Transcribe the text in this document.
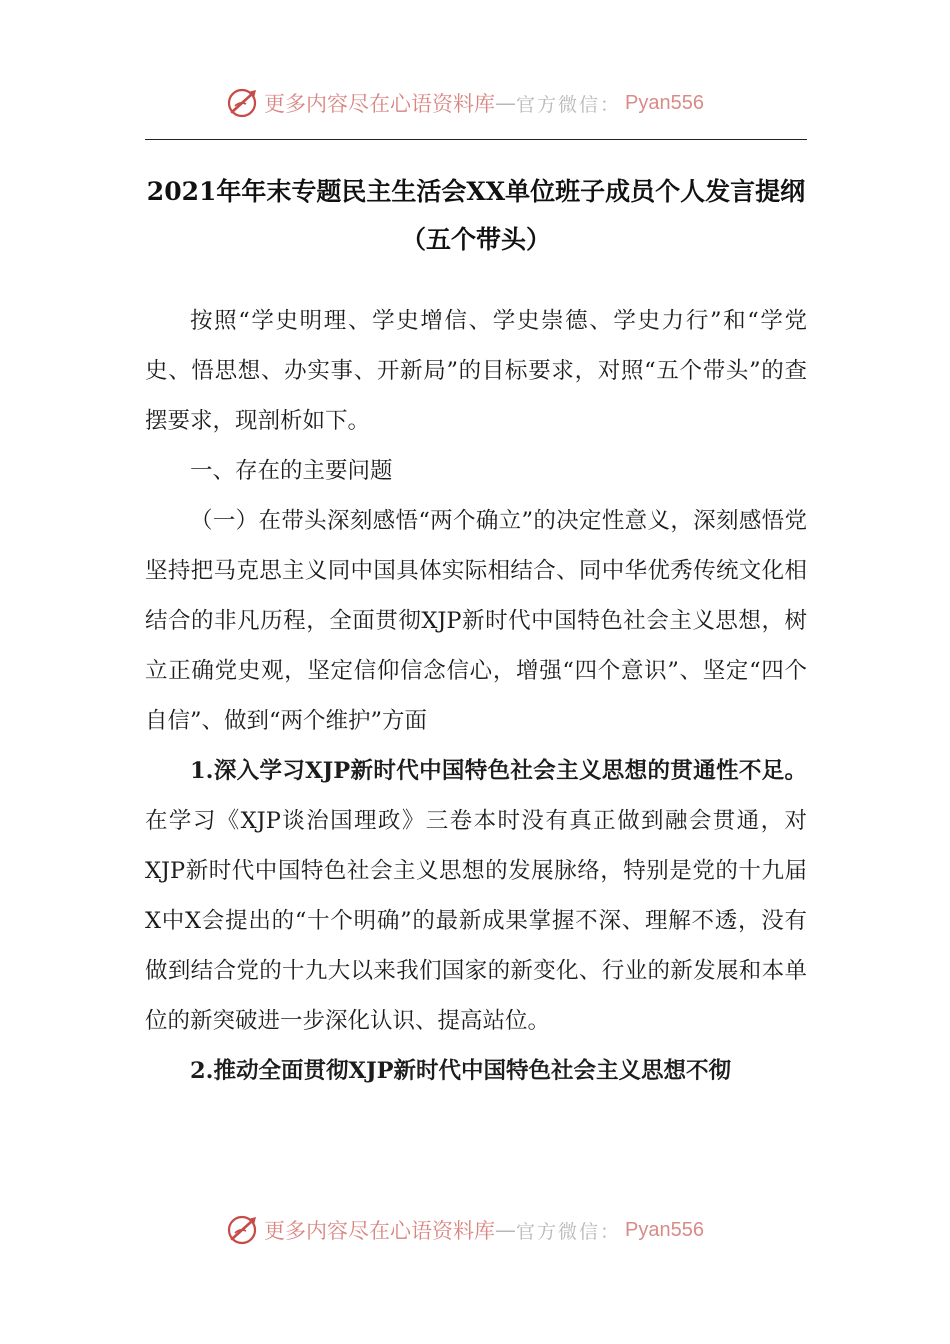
更多内容尽在心语资料库 — 官方微信： Pyan556
2021年年末专题民主生活会XX单位班子成员个人发言提纲（五个带头）

按照“学史明理、学史增信、学史崇德、学史力行”和“学党史、悟思想、办实事、开新局”的目标要求，对照“五个带头”的查摆要求，现剖析如下。

一、存在的主要问题

（一）在带头深刻感悟“两个确立”的决定性意义，深刻感悟党坚持把马克思主义同中国具体实际相结合、同中华优秀传统文化相结合的非凡历程，全面贯彻XJP新时代中国特色社会主义思想，树立正确党史观，坚定信仰信念信心，增强“四个意识”、坚定“四个自信”、做到“两个维护”方面

1.深入学习XJP新时代中国特色社会主义思想的贯通性不足。在学习《XJP谈治国理政》三卷本时没有真正做到融会贯通，对XJP新时代中国特色社会主义思想的发展脉络，特别是党的十九届X中X会提出的“十个明确”的最新成果掌握不深、理解不透，没有做到结合党的十九大以来我们国家的新变化、行业的新发展和本单位的新突破进一步深化认识、提高站位。

2.推动全面贯彻XJP新时代中国特色社会主义思想不彻

更多内容尽在心语资料库 — 官方微信： Pyan556
